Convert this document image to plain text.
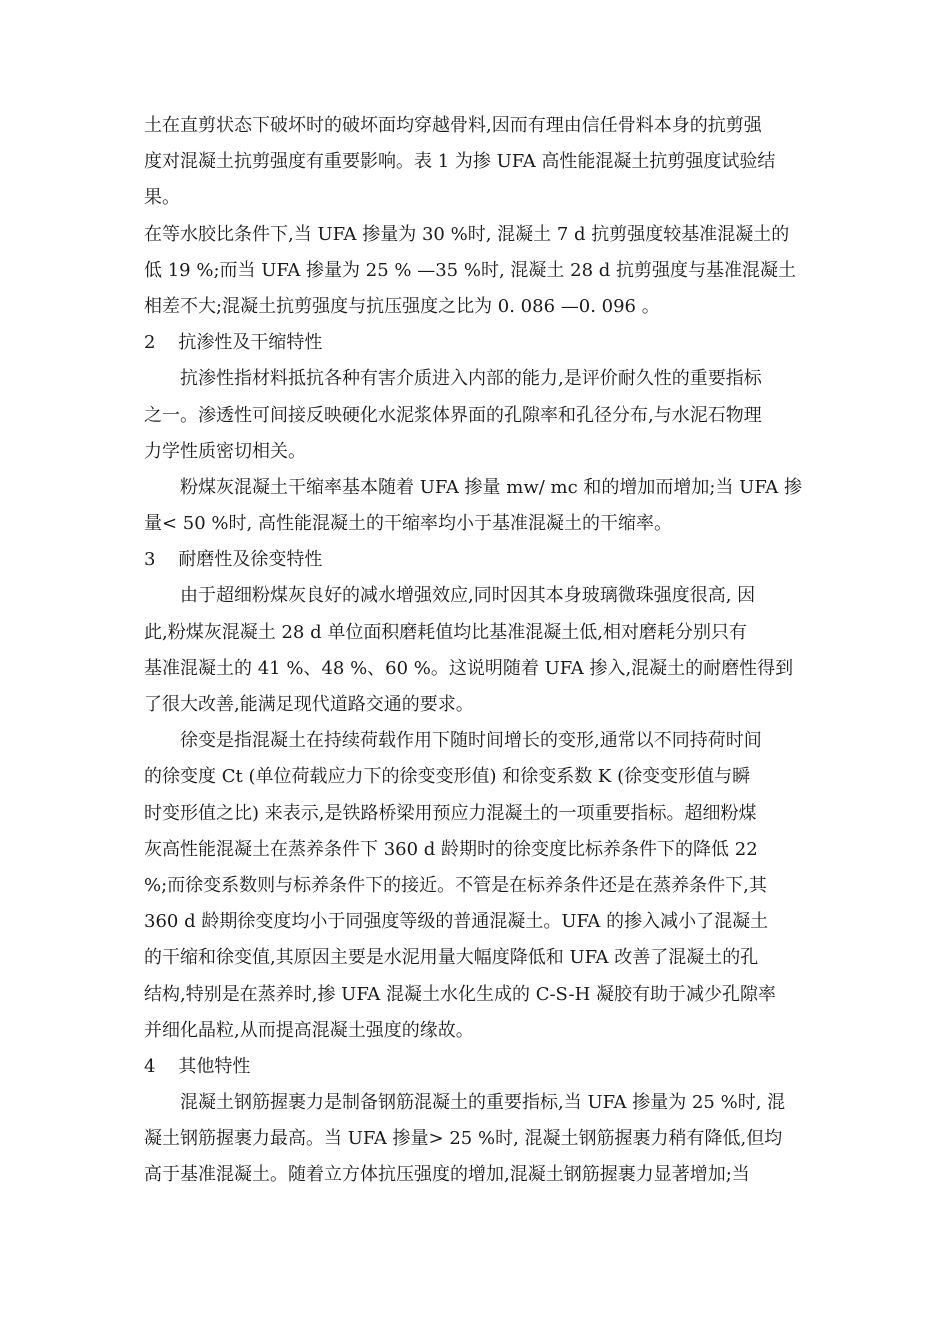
土在直剪状态下破坏时的破坏面均穿越骨料,因而有理由信任骨料本身的抗剪强
度对混凝土抗剪强度有重要影响。表 1 为掺 UFA 高性能混凝土抗剪强度试验结
果。
在等水胶比条件下,当 UFA 掺量为 30 %时, 混凝土 7 d 抗剪强度较基准混凝土的
低 19 %;而当 UFA 掺量为 25 % —35 %时, 混凝土 28 d 抗剪强度与基准混凝土
相差不大;混凝土抗剪强度与抗压强度之比为 0. 086 —0. 096 。
2    抗渗性及干缩特性
抗渗性指材料抵抗各种有害介质进入内部的能力,是评价耐久性的重要指标
之一。渗透性可间接反映硬化水泥浆体界面的孔隙率和孔径分布,与水泥石物理
力学性质密切相关。
粉煤灰混凝土干缩率基本随着 UFA 掺量 mw/ mc 和的增加而增加;当 UFA 掺
量< 50 %时, 高性能混凝土的干缩率均小于基准混凝土的干缩率。
3    耐磨性及徐变特性
由于超细粉煤灰良好的减水增强效应,同时因其本身玻璃微珠强度很高, 因
此,粉煤灰混凝土 28 d 单位面积磨耗值均比基准混凝土低,相对磨耗分别只有
基准混凝土的 41 %、48 %、60 %。这说明随着 UFA 掺入,混凝土的耐磨性得到
了很大改善,能满足现代道路交通的要求。
徐变是指混凝土在持续荷载作用下随时间增长的变形,通常以不同持荷时间
的徐变度 Ct (单位荷载应力下的徐变变形值) 和徐变系数 K (徐变变形值与瞬
时变形值之比) 来表示,是铁路桥梁用预应力混凝土的一项重要指标。超细粉煤
灰高性能混凝土在蒸养条件下 360 d 龄期时的徐变度比标养条件下的降低 22
%;而徐变系数则与标养条件下的接近。不管是在标养条件还是在蒸养条件下,其
360 d 龄期徐变度均小于同强度等级的普通混凝土。UFA 的掺入减小了混凝土
的干缩和徐变值,其原因主要是水泥用量大幅度降低和 UFA 改善了混凝土的孔
结构,特别是在蒸养时,掺 UFA 混凝土水化生成的 C-S-H 凝胶有助于减少孔隙率
并细化晶粒,从而提高混凝土强度的缘故。
4    其他特性
混凝土钢筋握裹力是制备钢筋混凝土的重要指标,当 UFA 掺量为 25 %时, 混
凝土钢筋握裹力最高。当 UFA 掺量> 25 %时, 混凝土钢筋握裹力稍有降低,但均
高于基准混凝土。随着立方体抗压强度的增加,混凝土钢筋握裹力显著增加;当
